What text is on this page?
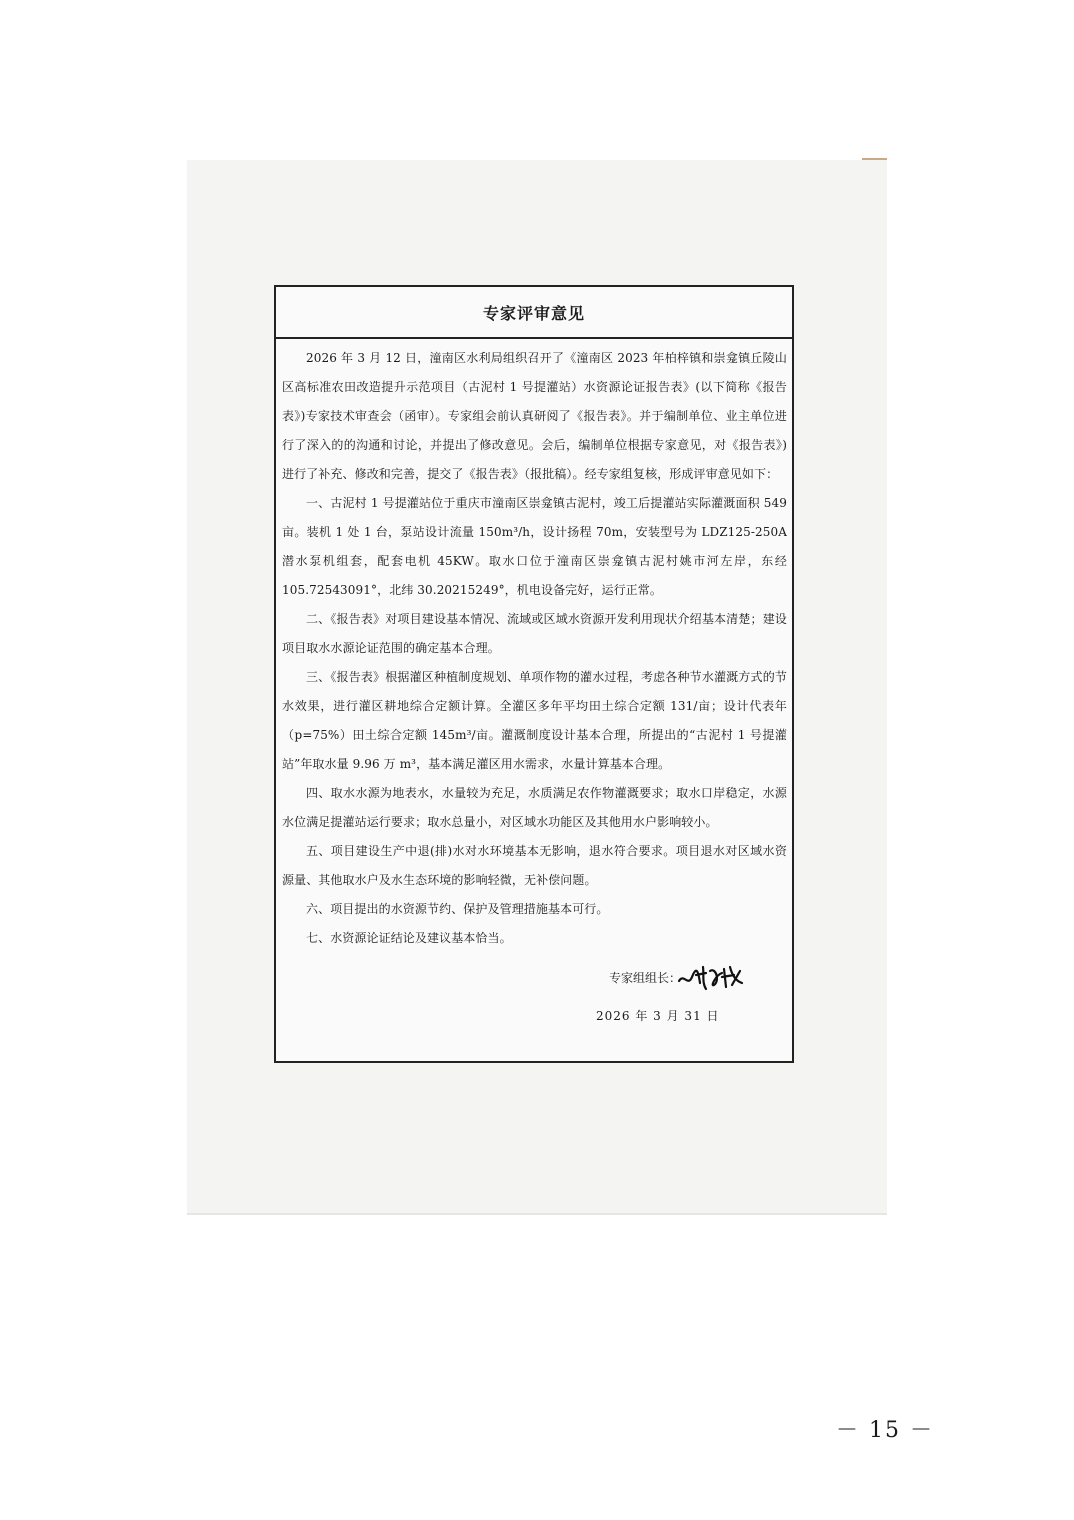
专家评审意见

2026 年 3 月 12 日，潼南区水利局组织召开了《潼南区 2023 年柏梓镇和崇龛镇丘陵山区高标准农田改造提升示范项目（古泥村 1 号提灌站）水资源论证报告表》(以下简称《报告表》)专家技术审查会（函审）。专家组会前认真研阅了《报告表》。并于编制单位、业主单位进行了深入的的沟通和讨论，并提出了修改意见。会后，编制单位根据专家意见，对《报告表》)进行了补充、修改和完善，提交了《报告表》（报批稿）。经专家组复核，形成评审意见如下：

一、古泥村 1 号提灌站位于重庆市潼南区崇龛镇古泥村，竣工后提灌站实际灌溉面积 549 亩。装机 1 处 1 台，泵站设计流量 150m³/h，设计扬程 70m，安装型号为 LDZ125-250A 潜水泵机组套，配套电机 45KW。取水口位于潼南区崇龛镇古泥村姚市河左岸，东经 105.72543091°，北纬 30.20215249°，机电设备完好，运行正常。

二、《报告表》对项目建设基本情况、流域或区域水资源开发利用现状介绍基本清楚；建设项目取水水源论证范围的确定基本合理。

三、《报告表》根据灌区种植制度规划、单项作物的灌水过程，考虑各种节水灌溉方式的节水效果，进行灌区耕地综合定额计算。全灌区多年平均田土综合定额 131/亩；设计代表年（p=75%）田土综合定额 145m³/亩。灌溉制度设计基本合理，所提出的“古泥村 1 号提灌站”年取水量 9.96 万 m³，基本满足灌区用水需求，水量计算基本合理。

四、取水水源为地表水，水量较为充足，水质满足农作物灌溉要求；取水口岸稳定，水源水位满足提灌站运行要求；取水总量小，对区域水功能区及其他用水户影响较小。

五、项目建设生产中退(排)水对水环境基本无影响，退水符合要求。项目退水对区域水资源量、其他取水户及水生态环境的影响轻微，无补偿问题。

六、项目提出的水资源节约、保护及管理措施基本可行。

七、水资源论证结论及建议基本恰当。

专家组组长：
2026 年 3 月 31 日
－ 15 －
